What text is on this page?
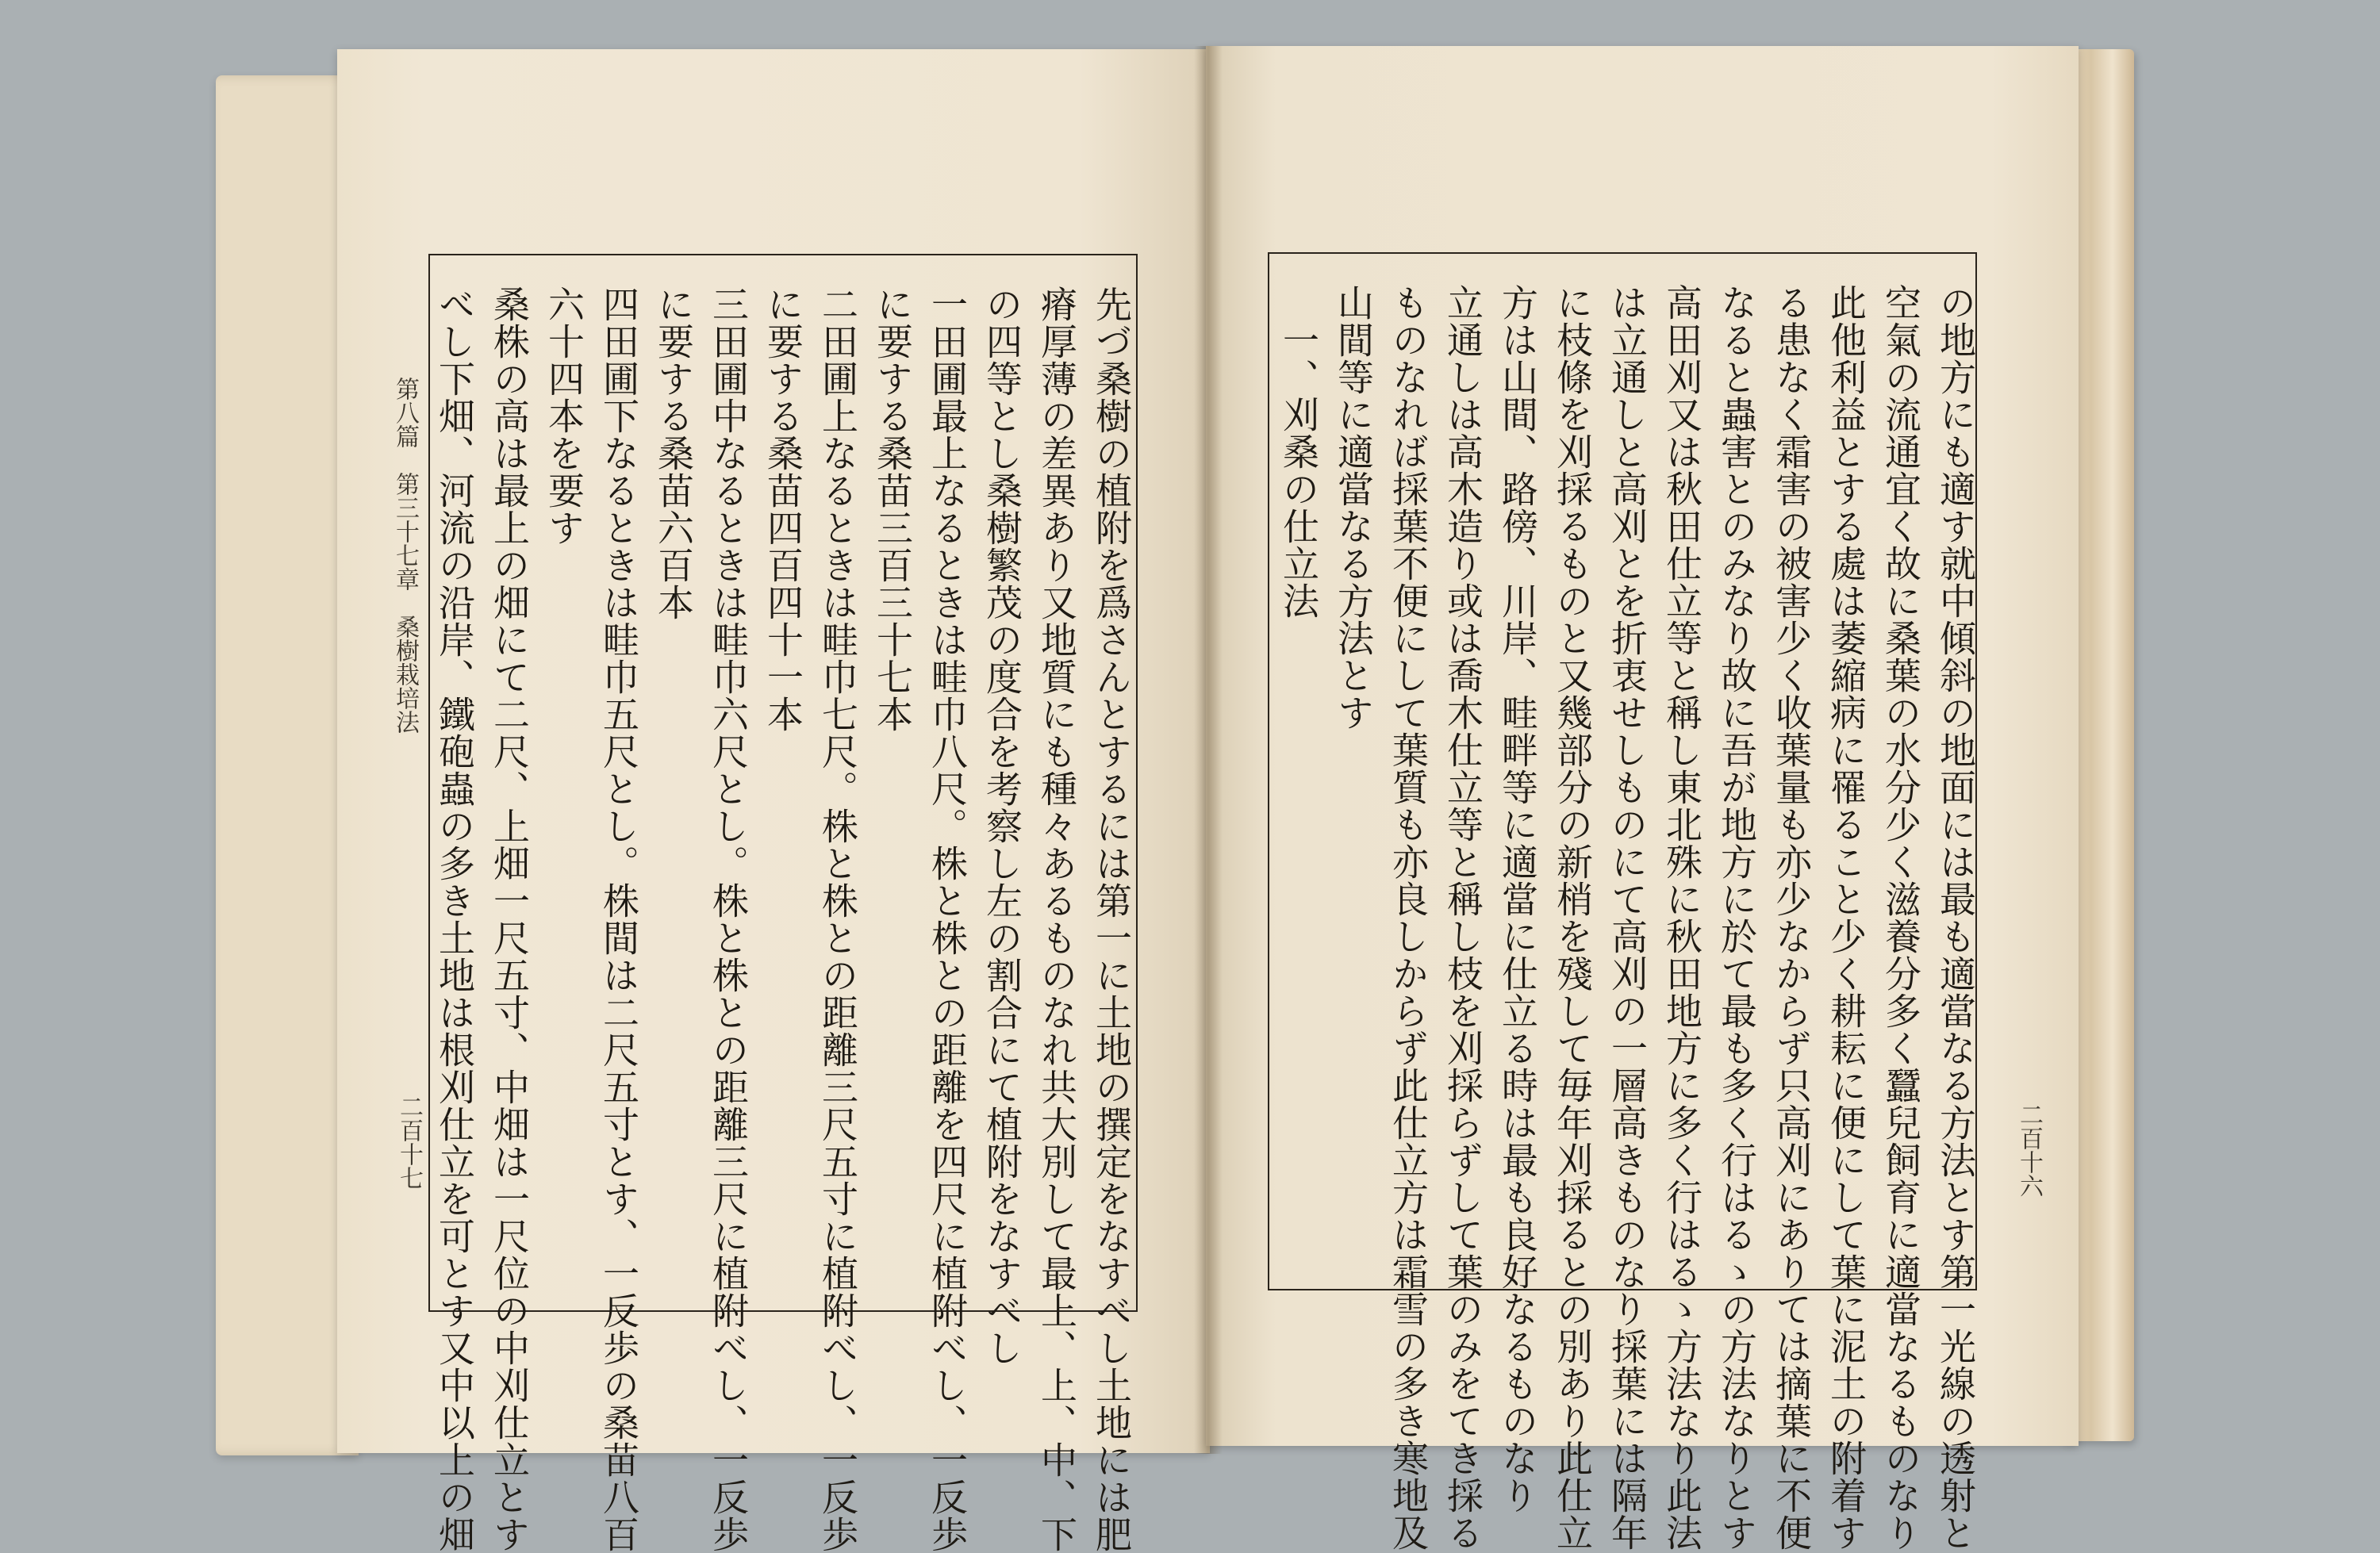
第八篇　第三十七章　桑樹栽培法
二百十七	二百十六
先づ桑樹の植附を爲さんとするには第一に土地の撰定をなすべし土地には肥
瘠厚薄の差異あり又地質にも種々あるものなれ共大別して最上、上、中、下
の四等とし桑樹繁茂の度合を考察し左の割合にて植附をなすべし
一田圃最上なるときは畦巾八尺。株と株との距離を四尺に植附べし、一反歩
に要する桑苗三百三十七本
二田圃上なるときは畦巾七尺。株と株との距離三尺五寸に植附べし、一反歩
に要する桑苗四百四十一本
三田圃中なるときは畦巾六尺とし。株と株との距離三尺に植附べし、一反歩
に要する桑苗六百本
四田圃下なるときは畦巾五尺とし。株間は二尺五寸とす、一反歩の桑苗八百
六十四本を要す
桑株の高は最上の畑にて二尺、上畑一尺五寸、中畑は一尺位の中刈仕立とす
べし下畑、河流の沿岸、鐵砲蟲の多き土地は根刈仕立を可とす又中以上の畑	の地方にも適す就中傾斜の地面には最も適當なる方法とす第一光線の透射と
空氣の流通宜く故に桑葉の水分少く滋養分多く蠶兒飼育に適當なるものなり
此他利益とする處は萎縮病に罹ること少く耕耘に便にして葉に泥土の附着す
る患なく霜害の被害少く收葉量も亦少なからず只高刈にありては摘葉に不便
なると蟲害とのみなり故に吾が地方に於て最も多く行はるゝの方法なりとす
高田刈又は秋田仕立等と稱し東北殊に秋田地方に多く行はるゝ方法なり此法
は立通しと高刈とを折衷せしものにて高刈の一層高きものなり採葉には隔年
に枝條を刈採るものと又幾部分の新梢を殘して毎年刈採るとの別あり此仕立
方は山間、路傍、川岸、畦畔等に適當に仕立る時は最も良好なるものなり
立通しは高木造り或は喬木仕立等と稱し枝を刈採らずして葉のみをてき採る
ものなれば採葉不便にして葉質も亦良しからず此仕立方は霜雪の多き寒地及
山間等に適當なる方法とす
　一、刈桑の仕立法
